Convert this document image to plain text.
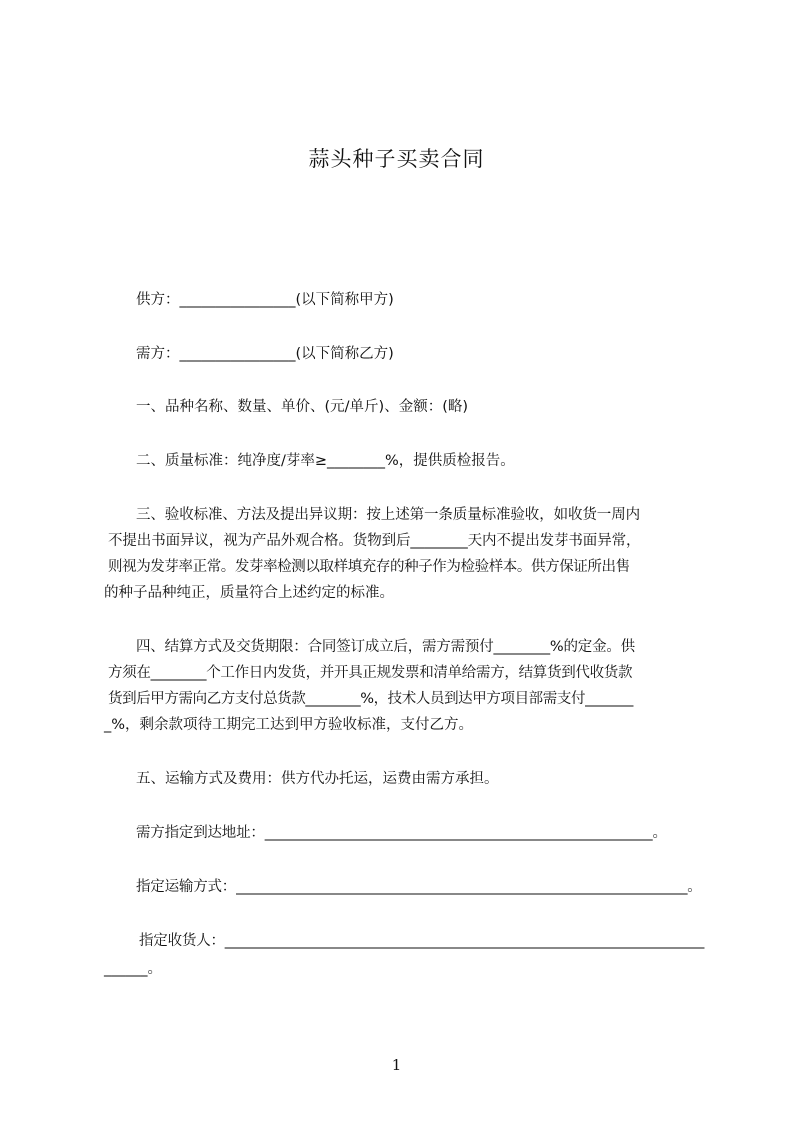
蒜头种子买卖合同
供方：________________(以下简称甲方)
需方：________________(以下简称乙方)
一、品种名称、数量、单价、(元/单斤)、金额：(略)
二、质量标准：纯净度/芽率≥________%，提供质检报告。
三、验收标准、方法及提出异议期：按上述第一条质量标准验收，如收货一周内
不提出书面异议，视为产品外观合格。货物到后________天内不提出发芽书面异常，
则视为发芽率正常。发芽率检测以取样填充存的种子作为检验样本。供方保证所出售
的种子品种纯正，质量符合上述约定的标准。
四、结算方式及交货期限：合同签订成立后，需方需预付________%的定金。供
方须在________个工作日内发货，并开具正规发票和清单给需方，结算货到代收货款
货到后甲方需向乙方支付总货款________%，技术人员到达甲方项目部需支付_______
_%，剩余款项待工期完工达到甲方验收标准，支付乙方。
五、运输方式及费用：供方代办托运，运费由需方承担。
需方指定到达地址：_______________________________________________________。
指定运输方式：________________________________________________________________。
指定收货人：____________________________________________________________________
______。
1
